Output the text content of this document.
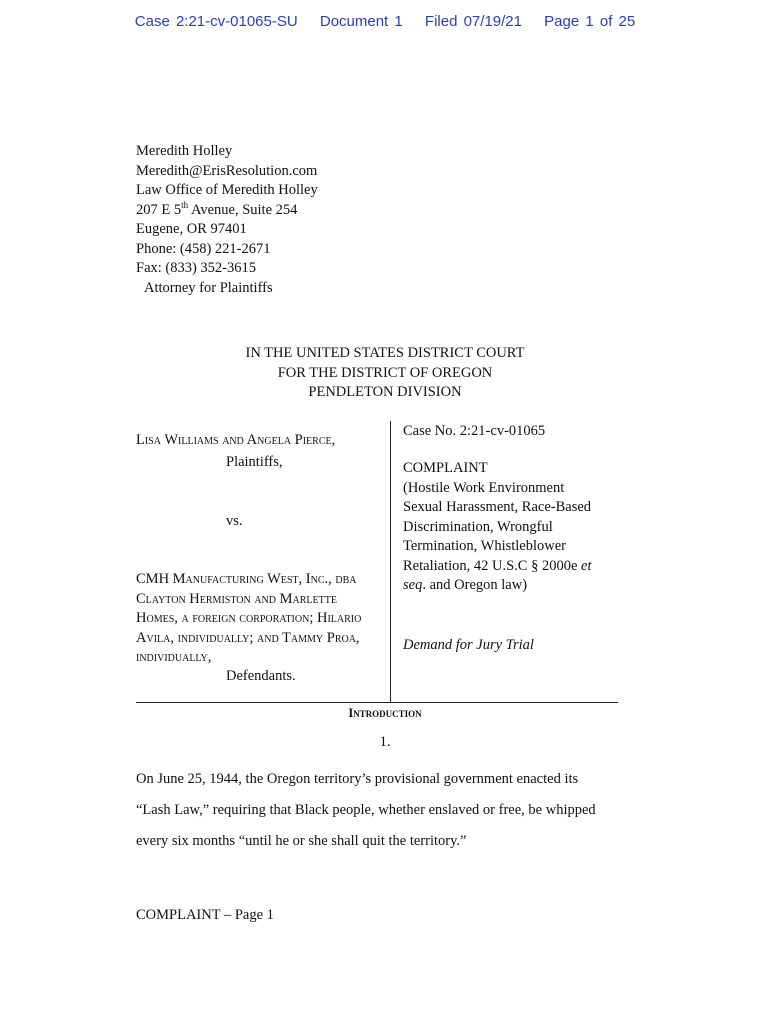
Case 2:21-cv-01065-SU Document 1 Filed 07/19/21 Page 1 of 25
Meredith Holley
Meredith@ErisResolution.com
Law Office of Meredith Holley
207 E 5th Avenue, Suite 254
Eugene, OR 97401
Phone: (458) 221-2671
Fax: (833) 352-3615
Attorney for Plaintiffs
IN THE UNITED STATES DISTRICT COURT
FOR THE DISTRICT OF OREGON
PENDLETON DIVISION
Lisa Williams and Angela Pierce,
Plaintiffs,
vs.
CMH Manufacturing West, Inc., dba
Clayton Hermiston and Marlette
Homes, a foreign corporation; Hilario
Avila, individually; and Tammy Proa,
individually,
Defendants.
Case No. 2:21-cv-01065
COMPLAINT
(Hostile Work Environment
Sexual Harassment, Race-Based
Discrimination, Wrongful
Termination, Whistleblower
Retaliation, 42 U.S.C § 2000e et
seq. and Oregon law)
Demand for Jury Trial
Introduction
1.
On June 25, 1944, the Oregon territory’s provisional government enacted its
“Lash Law,” requiring that Black people, whether enslaved or free, be whipped
every six months “until he or she shall quit the territory.”
COMPLAINT – Page 1
